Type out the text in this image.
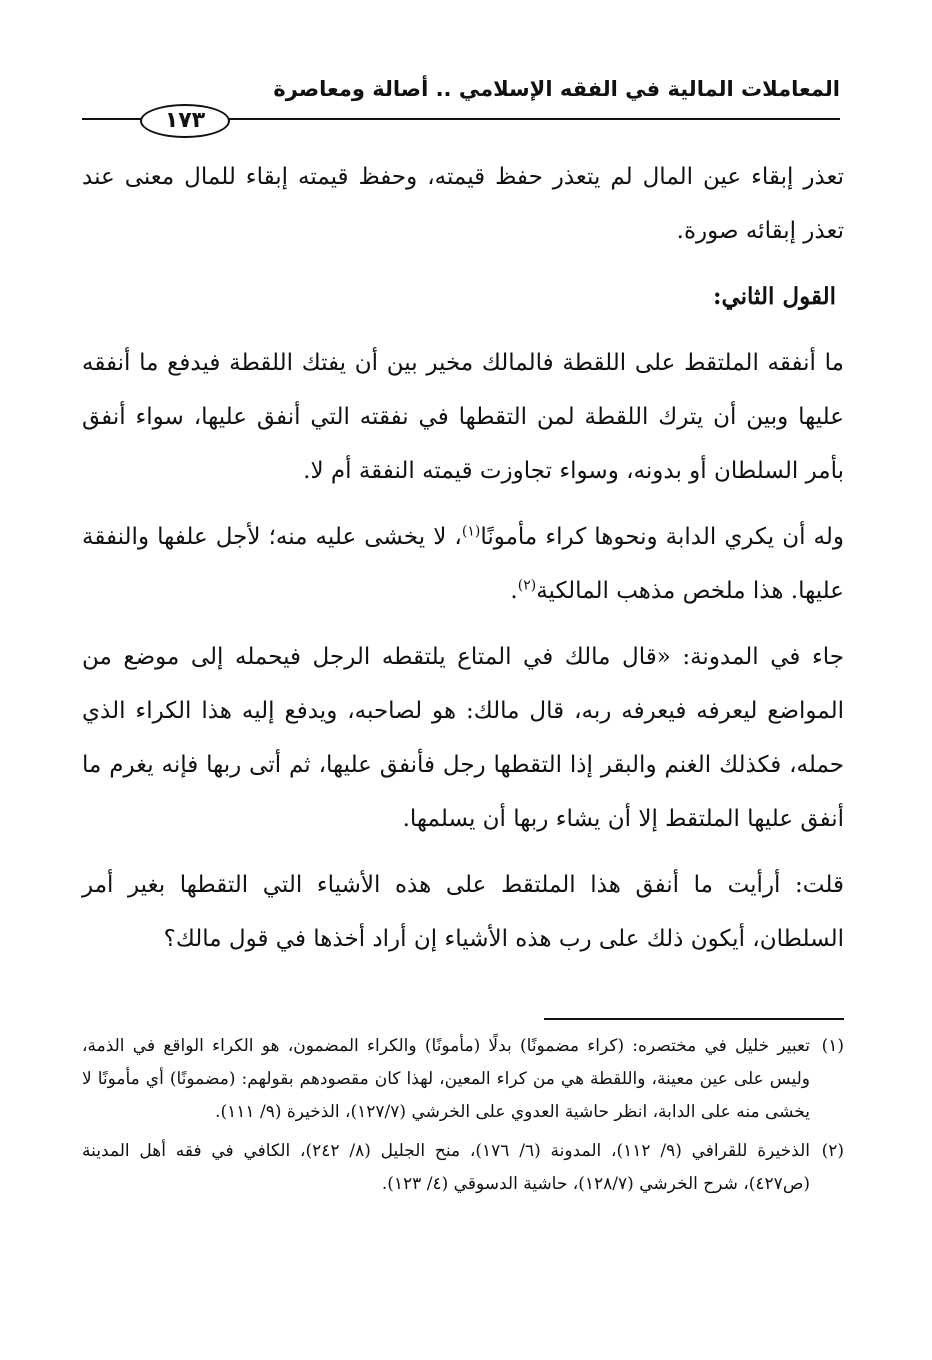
المعاملات المالية في الفقه الإسلامي .. أصالة ومعاصرة
١٧٣

تعذر إبقاء عين المال لم يتعذر حفظ قيمته، وحفظ قيمته إبقاء للمال معنى عند تعذر إبقائه صورة.

القول الثاني:

ما أنفقه الملتقط على اللقطة فالمالك مخير بين أن يفتك اللقطة فيدفع ما أنفقه عليها وبين أن يترك اللقطة لمن التقطها في نفقته التي أنفق عليها، سواء أنفق بأمر السلطان أو بدونه، وسواء تجاوزت قيمته النفقة أم لا.

وله أن يكري الدابة ونحوها كراء مأمونًا$^{(١)}$، لا يخشى عليه منه؛ لأجل علفها والنفقة عليها. هذا ملخص مذهب المالكية$^{(٢)}$.

جاء في المدونة: «قال مالك في المتاع يلتقطه الرجل فيحمله إلى موضع من المواضع ليعرفه فيعرفه ربه، قال مالك: هو لصاحبه، ويدفع إليه هذا الكراء الذي حمله، فكذلك الغنم والبقر إذا التقطها رجل فأنفق عليها، ثم أتى ربها فإنه يغرم ما أنفق عليها الملتقط إلا أن يشاء ربها أن يسلمها.

قلت: أرأيت ما أنفق هذا الملتقط على هذه الأشياء التي التقطها بغير أمر السلطان، أيكون ذلك على رب هذه الأشياء إن أراد أخذها في قول مالك؟

(١)تعبير خليل في مختصره: (كراء مضمونًا) بدلًا (مأمونًا) والكراء المضمون، هو الكراء الواقع في الذمة، وليس على عين معينة، واللقطة هي من كراء المعين، لهذا كان مقصودهم بقولهم: (مضمونًا) أي مأمونًا لا يخشى منه على الدابة، انظر حاشية العدوي على الخرشي (١٢٧/٧)، الذخيرة (٩/ ١١١).

(٢)الذخيرة للقرافي (٩/ ١١٢)، المدونة (٦/ ١٧٦)، منح الجليل (٨/ ٢٤٢)، الكافي في فقه أهل المدينة (ص٤٢٧)، شرح الخرشي (١٢٨/٧)، حاشية الدسوقي (٤/ ١٢٣).
